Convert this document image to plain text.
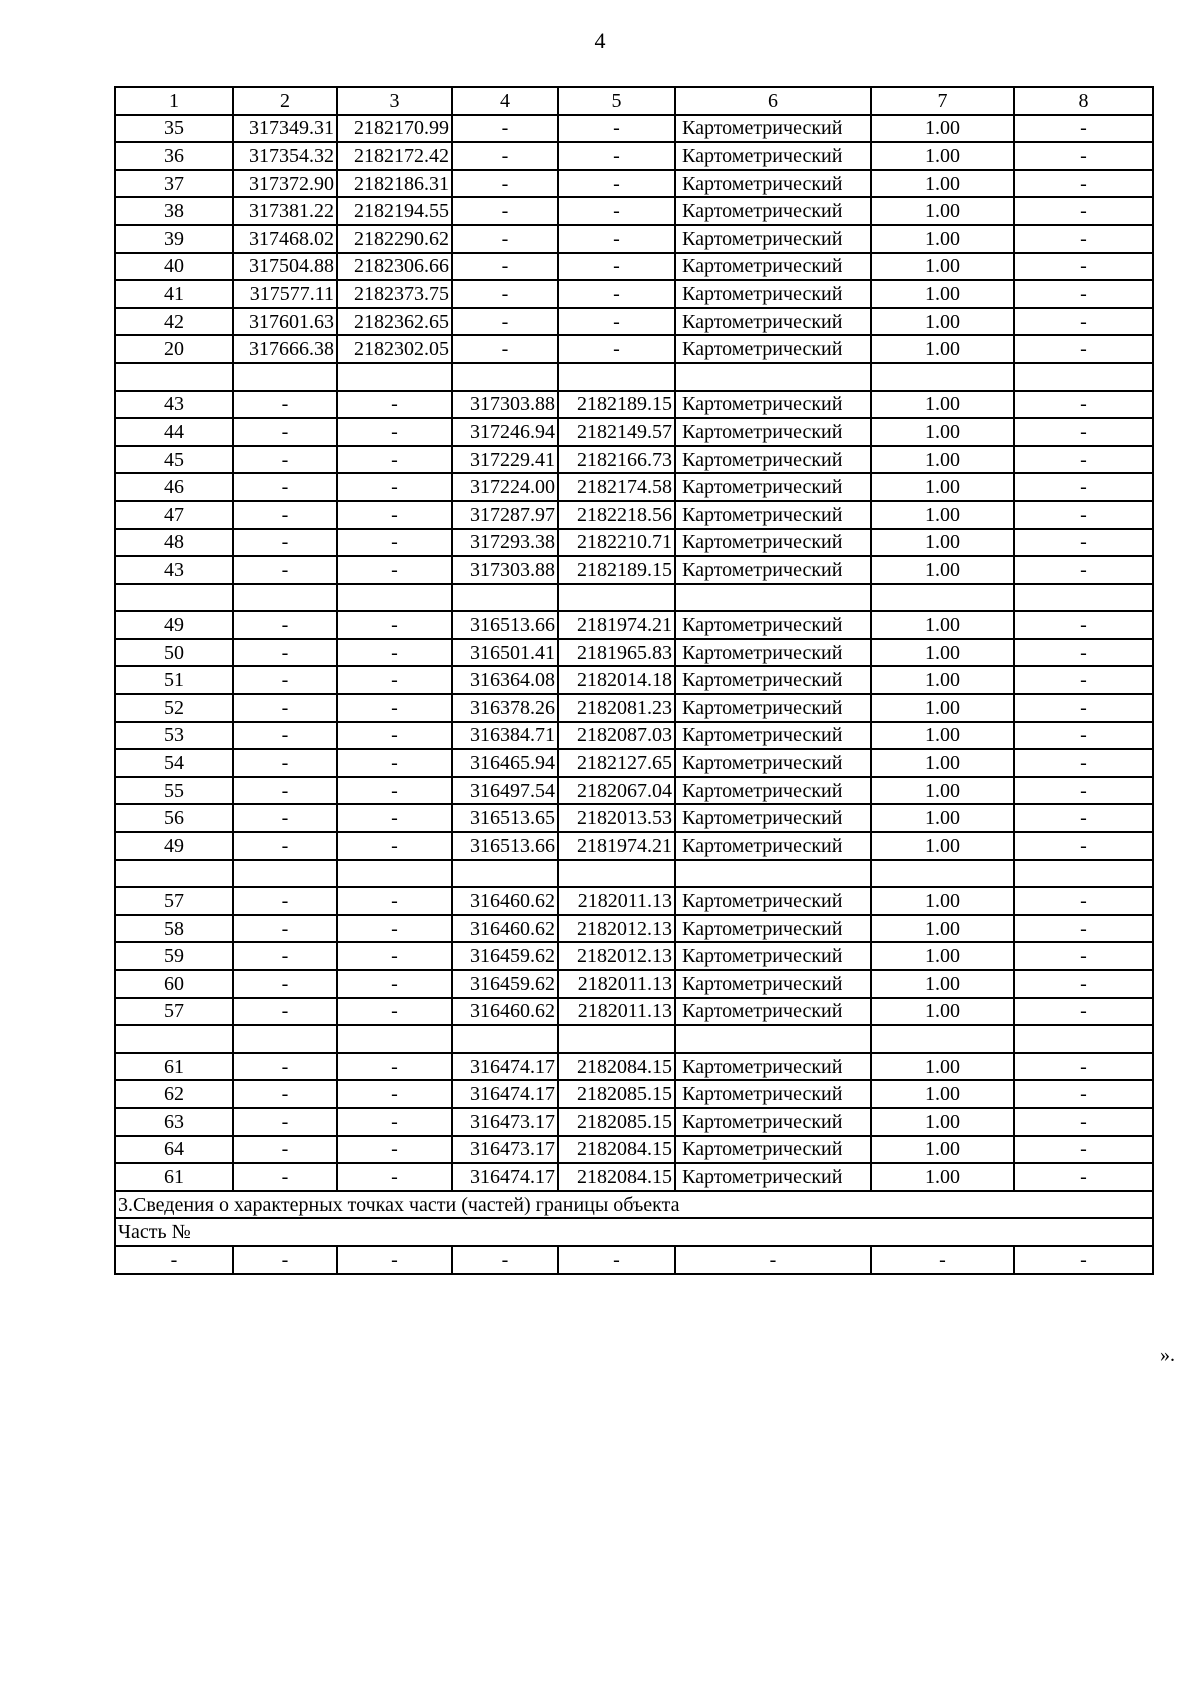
4
1	2	3	4	5	6	7	8
35	317349.31	2182170.99	-	-	Картометрический	1.00	-
36	317354.32	2182172.42	-	-	Картометрический	1.00	-
37	317372.90	2182186.31	-	-	Картометрический	1.00	-
38	317381.22	2182194.55	-	-	Картометрический	1.00	-
39	317468.02	2182290.62	-	-	Картометрический	1.00	-
40	317504.88	2182306.66	-	-	Картометрический	1.00	-
41	317577.11	2182373.75	-	-	Картометрический	1.00	-
42	317601.63	2182362.65	-	-	Картометрический	1.00	-
20	317666.38	2182302.05	-	-	Картометрический	1.00	-

43	-	-	317303.88	2182189.15	Картометрический	1.00	-
44	-	-	317246.94	2182149.57	Картометрический	1.00	-
45	-	-	317229.41	2182166.73	Картометрический	1.00	-
46	-	-	317224.00	2182174.58	Картометрический	1.00	-
47	-	-	317287.97	2182218.56	Картометрический	1.00	-
48	-	-	317293.38	2182210.71	Картометрический	1.00	-
43	-	-	317303.88	2182189.15	Картометрический	1.00	-

49	-	-	316513.66	2181974.21	Картометрический	1.00	-
50	-	-	316501.41	2181965.83	Картометрический	1.00	-
51	-	-	316364.08	2182014.18	Картометрический	1.00	-
52	-	-	316378.26	2182081.23	Картометрический	1.00	-
53	-	-	316384.71	2182087.03	Картометрический	1.00	-
54	-	-	316465.94	2182127.65	Картометрический	1.00	-
55	-	-	316497.54	2182067.04	Картометрический	1.00	-
56	-	-	316513.65	2182013.53	Картометрический	1.00	-
49	-	-	316513.66	2181974.21	Картометрический	1.00	-

57	-	-	316460.62	2182011.13	Картометрический	1.00	-
58	-	-	316460.62	2182012.13	Картометрический	1.00	-
59	-	-	316459.62	2182012.13	Картометрический	1.00	-
60	-	-	316459.62	2182011.13	Картометрический	1.00	-
57	-	-	316460.62	2182011.13	Картометрический	1.00	-

61	-	-	316474.17	2182084.15	Картометрический	1.00	-
62	-	-	316474.17	2182085.15	Картометрический	1.00	-
63	-	-	316473.17	2182085.15	Картометрический	1.00	-
64	-	-	316473.17	2182084.15	Картометрический	1.00	-
61	-	-	316474.17	2182084.15	Картометрический	1.00	-
3.Сведения о характерных точках части (частей) границы объекта							
Часть №							
-	-	-	-	-	-	-	-
».
